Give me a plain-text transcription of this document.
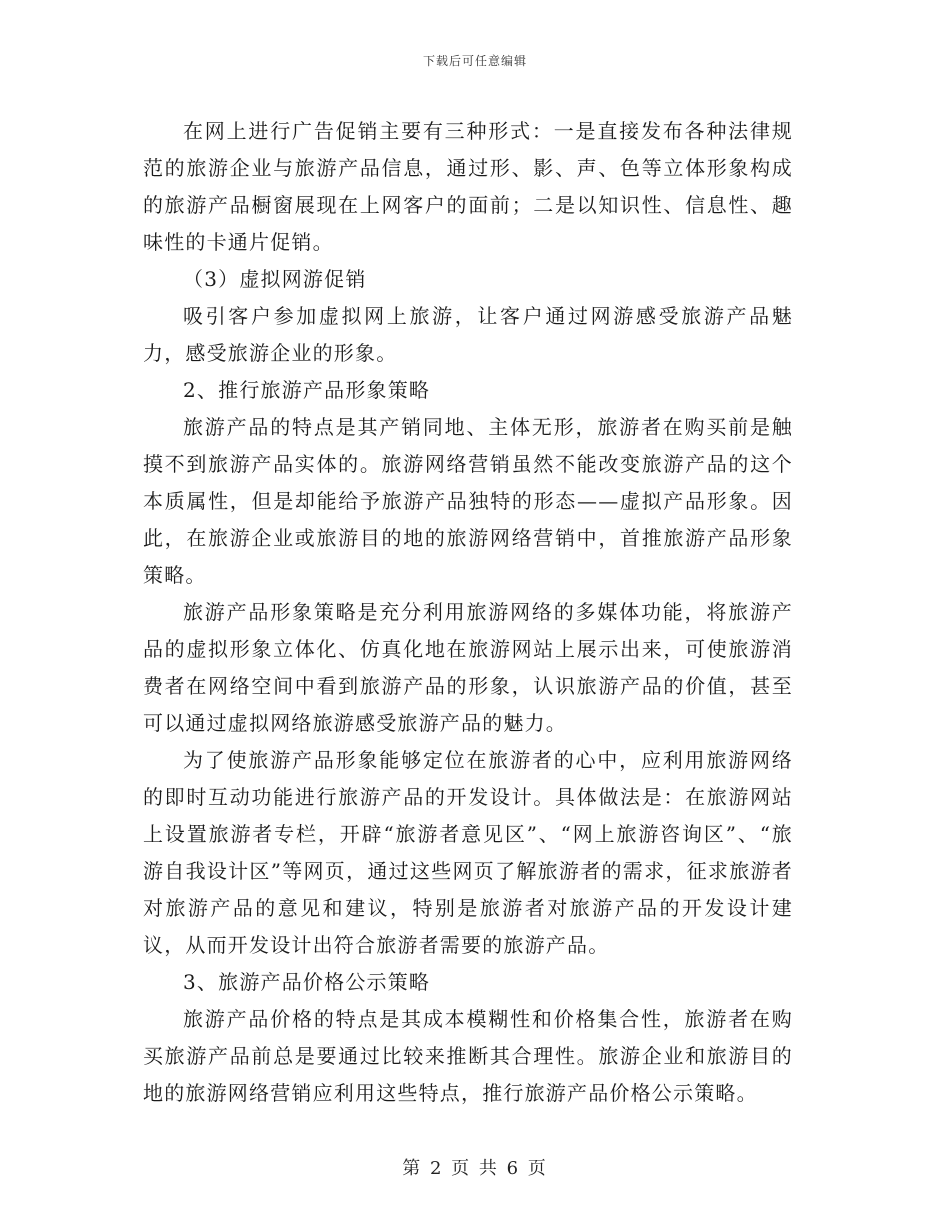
下载后可任意编辑

在网上进行广告促销主要有三种形式：一是直接发布各种法律规范的旅游企业与旅游产品信息，通过形、影、声、色等立体形象构成的旅游产品橱窗展现在上网客户的面前；二是以知识性、信息性、趣味性的卡通片促销。

（3）虚拟网游促销

吸引客户参加虚拟网上旅游，让客户通过网游感受旅游产品魅力，感受旅游企业的形象。

2、推行旅游产品形象策略

旅游产品的特点是其产销同地、主体无形，旅游者在购买前是触摸不到旅游产品实体的。旅游网络营销虽然不能改变旅游产品的这个本质属性，但是却能给予旅游产品独特的形态——虚拟产品形象。因此，在旅游企业或旅游目的地的旅游网络营销中，首推旅游产品形象策略。

旅游产品形象策略是充分利用旅游网络的多媒体功能，将旅游产品的虚拟形象立体化、仿真化地在旅游网站上展示出来，可使旅游消费者在网络空间中看到旅游产品的形象，认识旅游产品的价值，甚至可以通过虚拟网络旅游感受旅游产品的魅力。

为了使旅游产品形象能够定位在旅游者的心中，应利用旅游网络的即时互动功能进行旅游产品的开发设计。具体做法是：在旅游网站上设置旅游者专栏，开辟“旅游者意见区”、“网上旅游咨询区”、“旅游自我设计区”等网页，通过这些网页了解旅游者的需求，征求旅游者对旅游产品的意见和建议，特别是旅游者对旅游产品的开发设计建议，从而开发设计出符合旅游者需要的旅游产品。

3、旅游产品价格公示策略

旅游产品价格的特点是其成本模糊性和价格集合性，旅游者在购买旅游产品前总是要通过比较来推断其合理性。旅游企业和旅游目的地的旅游网络营销应利用这些特点，推行旅游产品价格公示策略。

第 2 页 共 6 页
